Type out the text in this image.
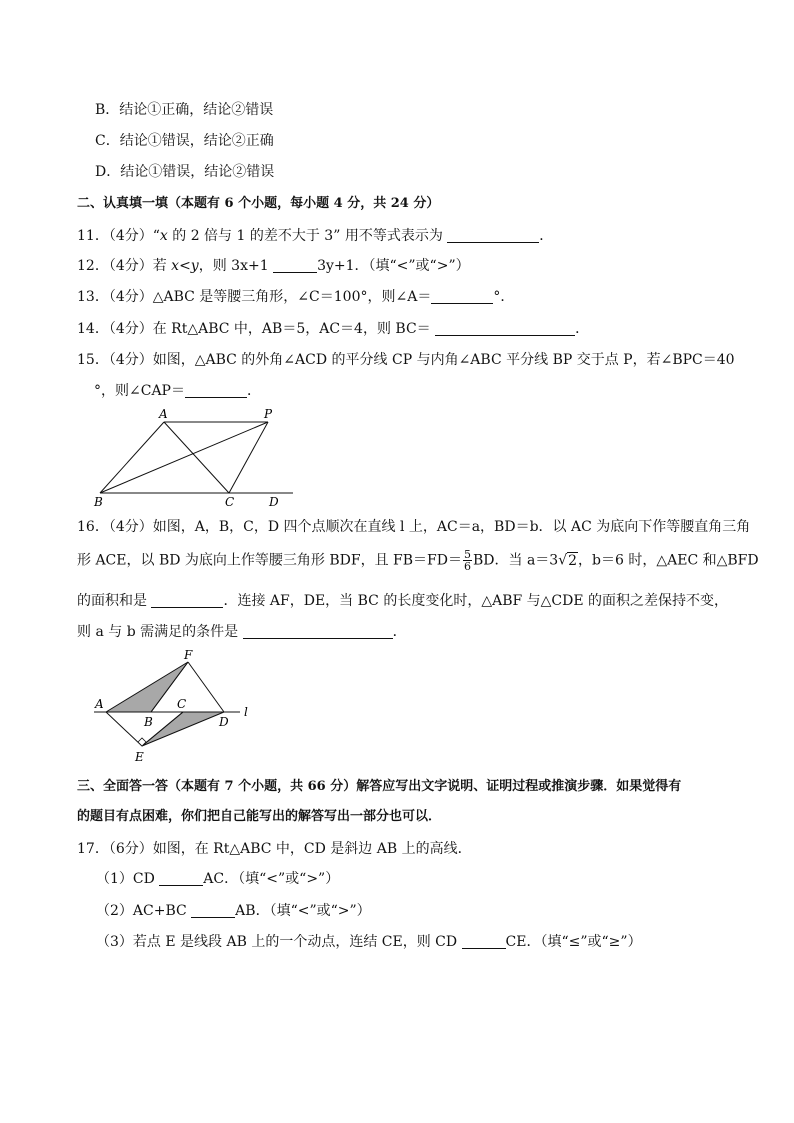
B．结论①正确，结论②错误
C．结论①错误，结论②正确
D．结论①错误，结论②错误
二、认真填一填（本题有 6 个小题，每小题 4 分，共 24 分）
11．（4分）“x 的 2 倍与 1 的差不大于 3” 用不等式表示为	．
12．（4分）若 x<y，则 3x+1	3y+1．（填“<”或“>”）
13．（4分）△ABC 是等腰三角形，∠C＝100°，则∠A＝	°．
14．（4分）在 Rt△ABC 中，AB＝5，AC＝4，则 BC＝	．
15．（4分）如图，△ABC 的外角∠ACD 的平分线 CP 与内角∠ABC 平分线 BP 交于点 P，若∠BPC＝40
°，则∠CAP＝	．
A	P
B	C	D
16．（4分）如图，A，B，C，D 四个点顺次在直线 l 上，AC＝a，BD＝b．以 AC 为底向下作等腰直角三角
形 ACE，以 BD 为底向上作等腰三角形 BDF，且 $FB=FD= \frac{5}{6}$ BD．当 a＝3√2，b＝6 时，△AEC 和△BFD
的面积和是	．连接 AF，DE，当 BC 的长度变化时，△ABF 与△CDE 的面积之差保持不变，
则 a 与 b 需满足的条件是	．
F
A
B
C
D
l
E
三、全面答一答（本题有 7 个小题，共 66 分）解答应写出文字说明、证明过程或推演步骤．如果觉得有
的题目有点困难，你们把自己能写出的解答写出一部分也可以．
17．（6分）如图，在 Rt△ABC 中，CD 是斜边 AB 上的高线．
（1）CD	AC．（填“<”或“>”）
（2）AC+BC	AB．（填“<”或“>”）
（3）若点 E 是线段 AB 上的一个动点，连结 CE，则 CD	CE．（填“≤”或“≥”）
